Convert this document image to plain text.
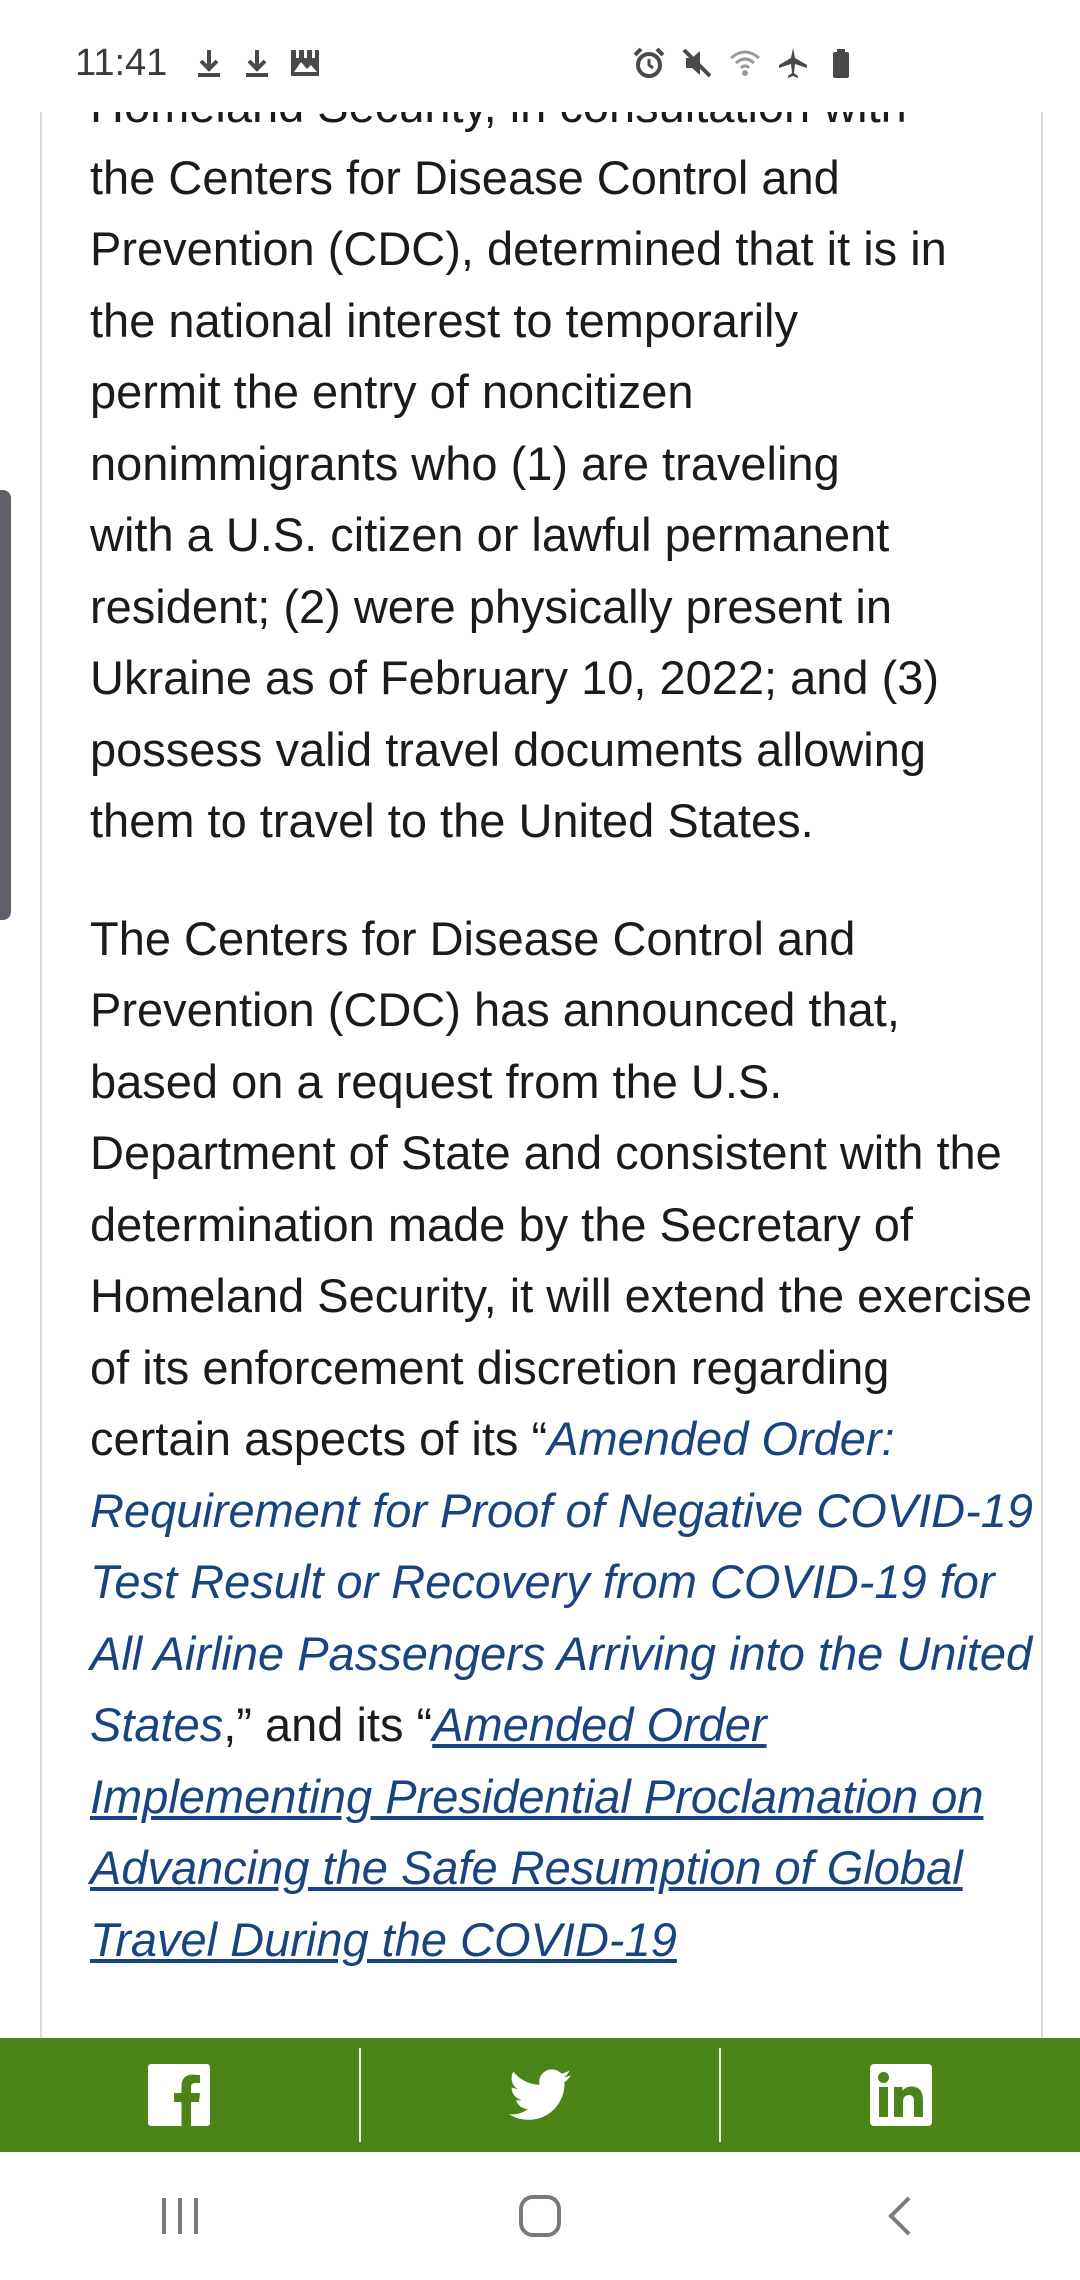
11:41

the Centers for Disease Control and
Prevention (CDC), determined that it is in
the national interest to temporarily
permit the entry of noncitizen
nonimmigrants who (1) are traveling
with a U.S. citizen or lawful permanent
resident; (2) were physically present in
Ukraine as of February 10, 2022; and (3)
possess valid travel documents allowing
them to travel to the United States.

The Centers for Disease Control and Prevention (CDC) has announced that, based on a request from the U.S. Department of State and consistent with the determination made by the Secretary of Homeland Security, it will extend the exercise of its enforcement discretion regarding certain aspects of its “Amended Order: Requirement for Proof of Negative COVID-19 Test Result or Recovery from COVID-19 for All Airline Passengers Arriving into the United States,” and its “Amended Order Implementing Presidential Proclamation on Advancing the Safe Resumption of Global Travel During the COVID-19
